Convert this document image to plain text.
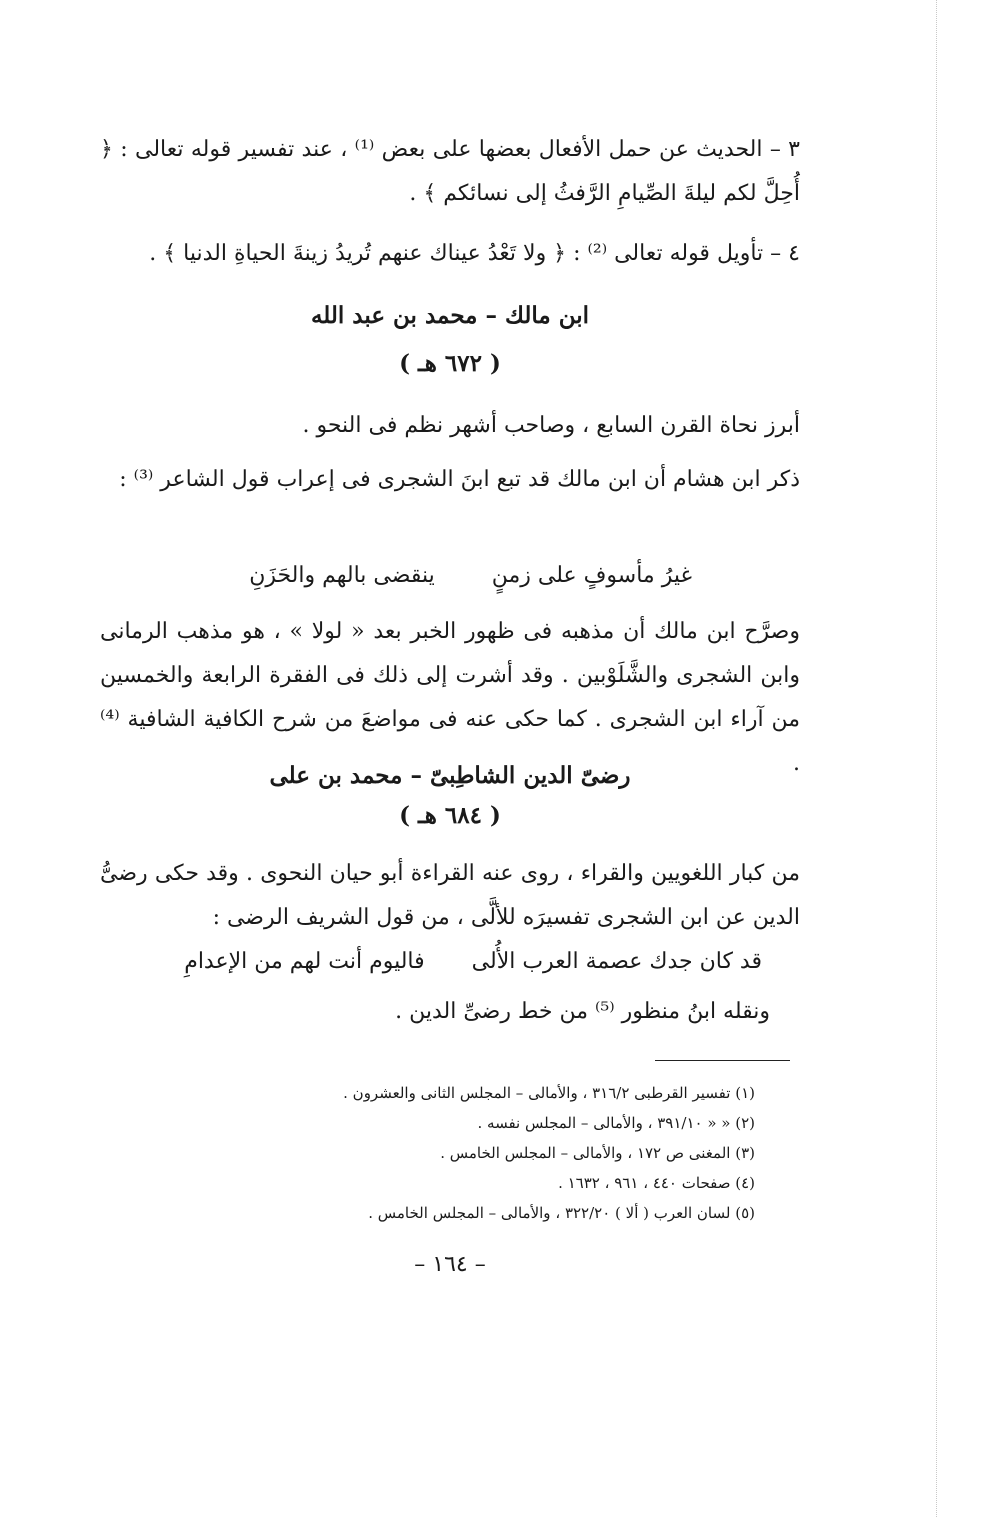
٣ – الحديث عن حمل الأفعال بعضها على بعض ⁽¹⁾ ، عند تفسير قوله تعالى : ﴿ أُحِلَّ لكم ليلةَ الصِّيامِ الرَّفثُ إلى نسائكم ﴾ .
٤ – تأويل قوله تعالى ⁽²⁾ : ﴿ ولا تَعْدُ عيناك عنهم تُريدُ زينةَ الحياةِ الدنيا ﴾ .
ابن مالك – محمد بن عبد الله
( ٦٧٢ هـ )
أبرز نحاة القرن السابع ، وصاحب أشهر نظم فى النحو .
ذكر ابن هشام أن ابن مالك قد تبع ابنَ الشجرى فى إعراب قول الشاعر ⁽³⁾ :
غيرُ مأسوفٍ على زمنٍ ينقضى بالهم والحَزَنِ
وصرَّح ابن مالك أن مذهبه فى ظهور الخبر بعد « لولا » ، هو مذهب الرمانى وابن الشجرى والشَّلَوْبين . وقد أشرت إلى ذلك فى الفقرة الرابعة والخمسين من آراء ابن الشجرى . كما حكى عنه فى مواضعَ من شرح الكافية الشافية ⁽⁴⁾ .
رضىّ الدين الشاطِبىّ – محمد بن على
( ٦٨٤ هـ )
من كبار اللغويين والقراء ، روى عنه القراءة أبو حيان النحوى . وقد حكى رضىُّ الدين عن ابن الشجرى تفسيرَه للألَّى ، من قول الشريف الرضى :
قد كان جدك عصمة العرب الأُلى فاليوم أنت لهم من الإعدامِ
ونقله ابنُ منظور ⁽⁵⁾ من خط رضىِّ الدين .
(١) تفسير القرطبى ٣١٦/٢ ، والأمالى – المجلس الثانى والعشرون .
(٢) « « ٣٩١/١٠ ، والأمالى – المجلس نفسه .
(٣) المغنى ص ١٧٢ ، والأمالى – المجلس الخامس .
(٤) صفحات ٤٤٠ ، ٩٦١ ، ١٦٣٢ .
(٥) لسان العرب ( ألا ) ٣٢٢/٢٠ ، والأمالى – المجلس الخامس .
– ١٦٤ –
